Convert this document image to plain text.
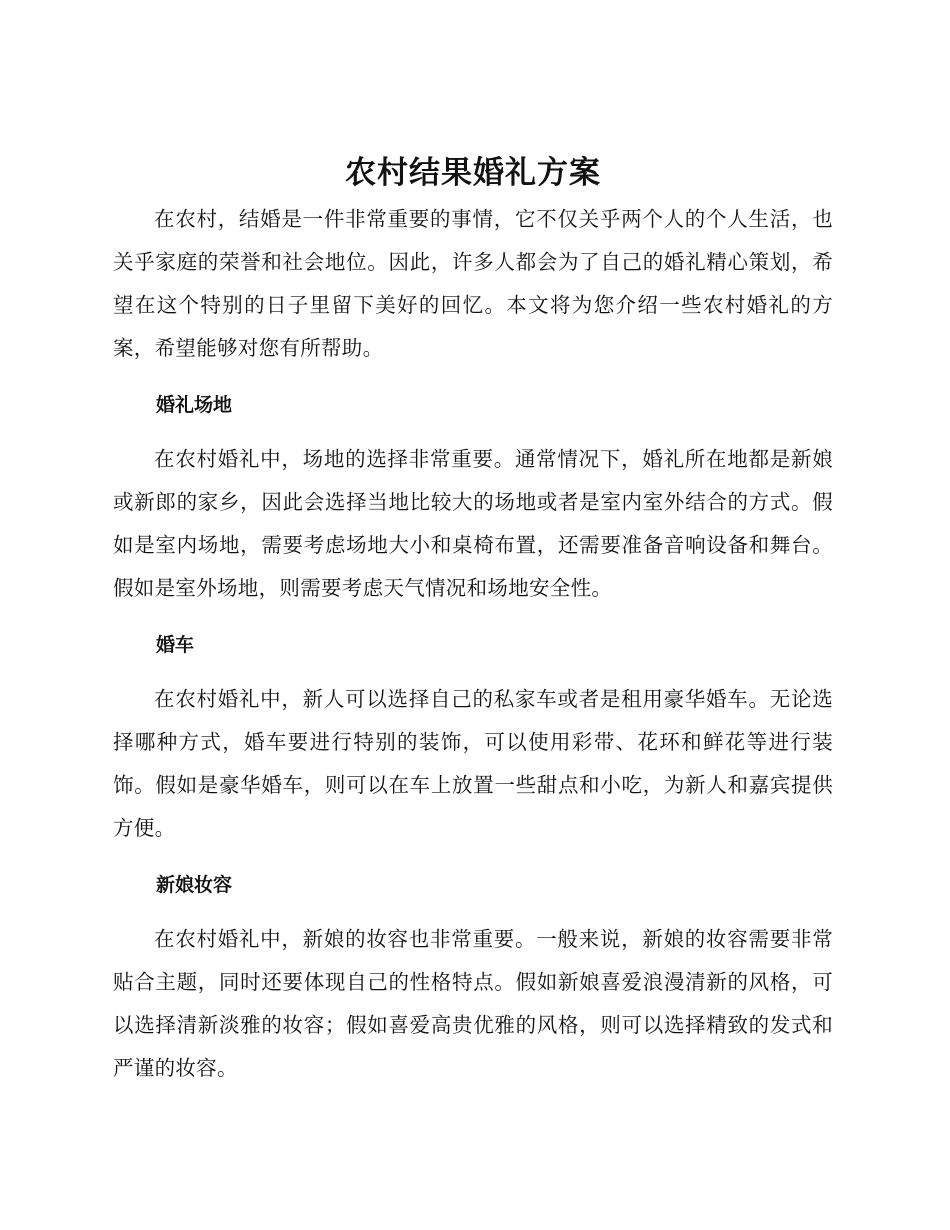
农村结果婚礼方案

在农村，结婚是一件非常重要的事情，它不仅关乎两个人的个人生活，也关乎家庭的荣誉和社会地位。因此，许多人都会为了自己的婚礼精心策划，希望在这个特别的日子里留下美好的回忆。本文将为您介绍一些农村婚礼的方案，希望能够对您有所帮助。

婚礼场地

在农村婚礼中，场地的选择非常重要。通常情况下，婚礼所在地都是新娘或新郎的家乡，因此会选择当地比较大的场地或者是室内室外结合的方式。假如是室内场地，需要考虑场地大小和桌椅布置，还需要准备音响设备和舞台。假如是室外场地，则需要考虑天气情况和场地安全性。

婚车

在农村婚礼中，新人可以选择自己的私家车或者是租用豪华婚车。无论选择哪种方式，婚车要进行特别的装饰，可以使用彩带、花环和鲜花等进行装饰。假如是豪华婚车，则可以在车上放置一些甜点和小吃，为新人和嘉宾提供方便。

新娘妆容

在农村婚礼中，新娘的妆容也非常重要。一般来说，新娘的妆容需要非常贴合主题，同时还要体现自己的性格特点。假如新娘喜爱浪漫清新的风格，可以选择清新淡雅的妆容；假如喜爱高贵优雅的风格，则可以选择精致的发式和严谨的妆容。
